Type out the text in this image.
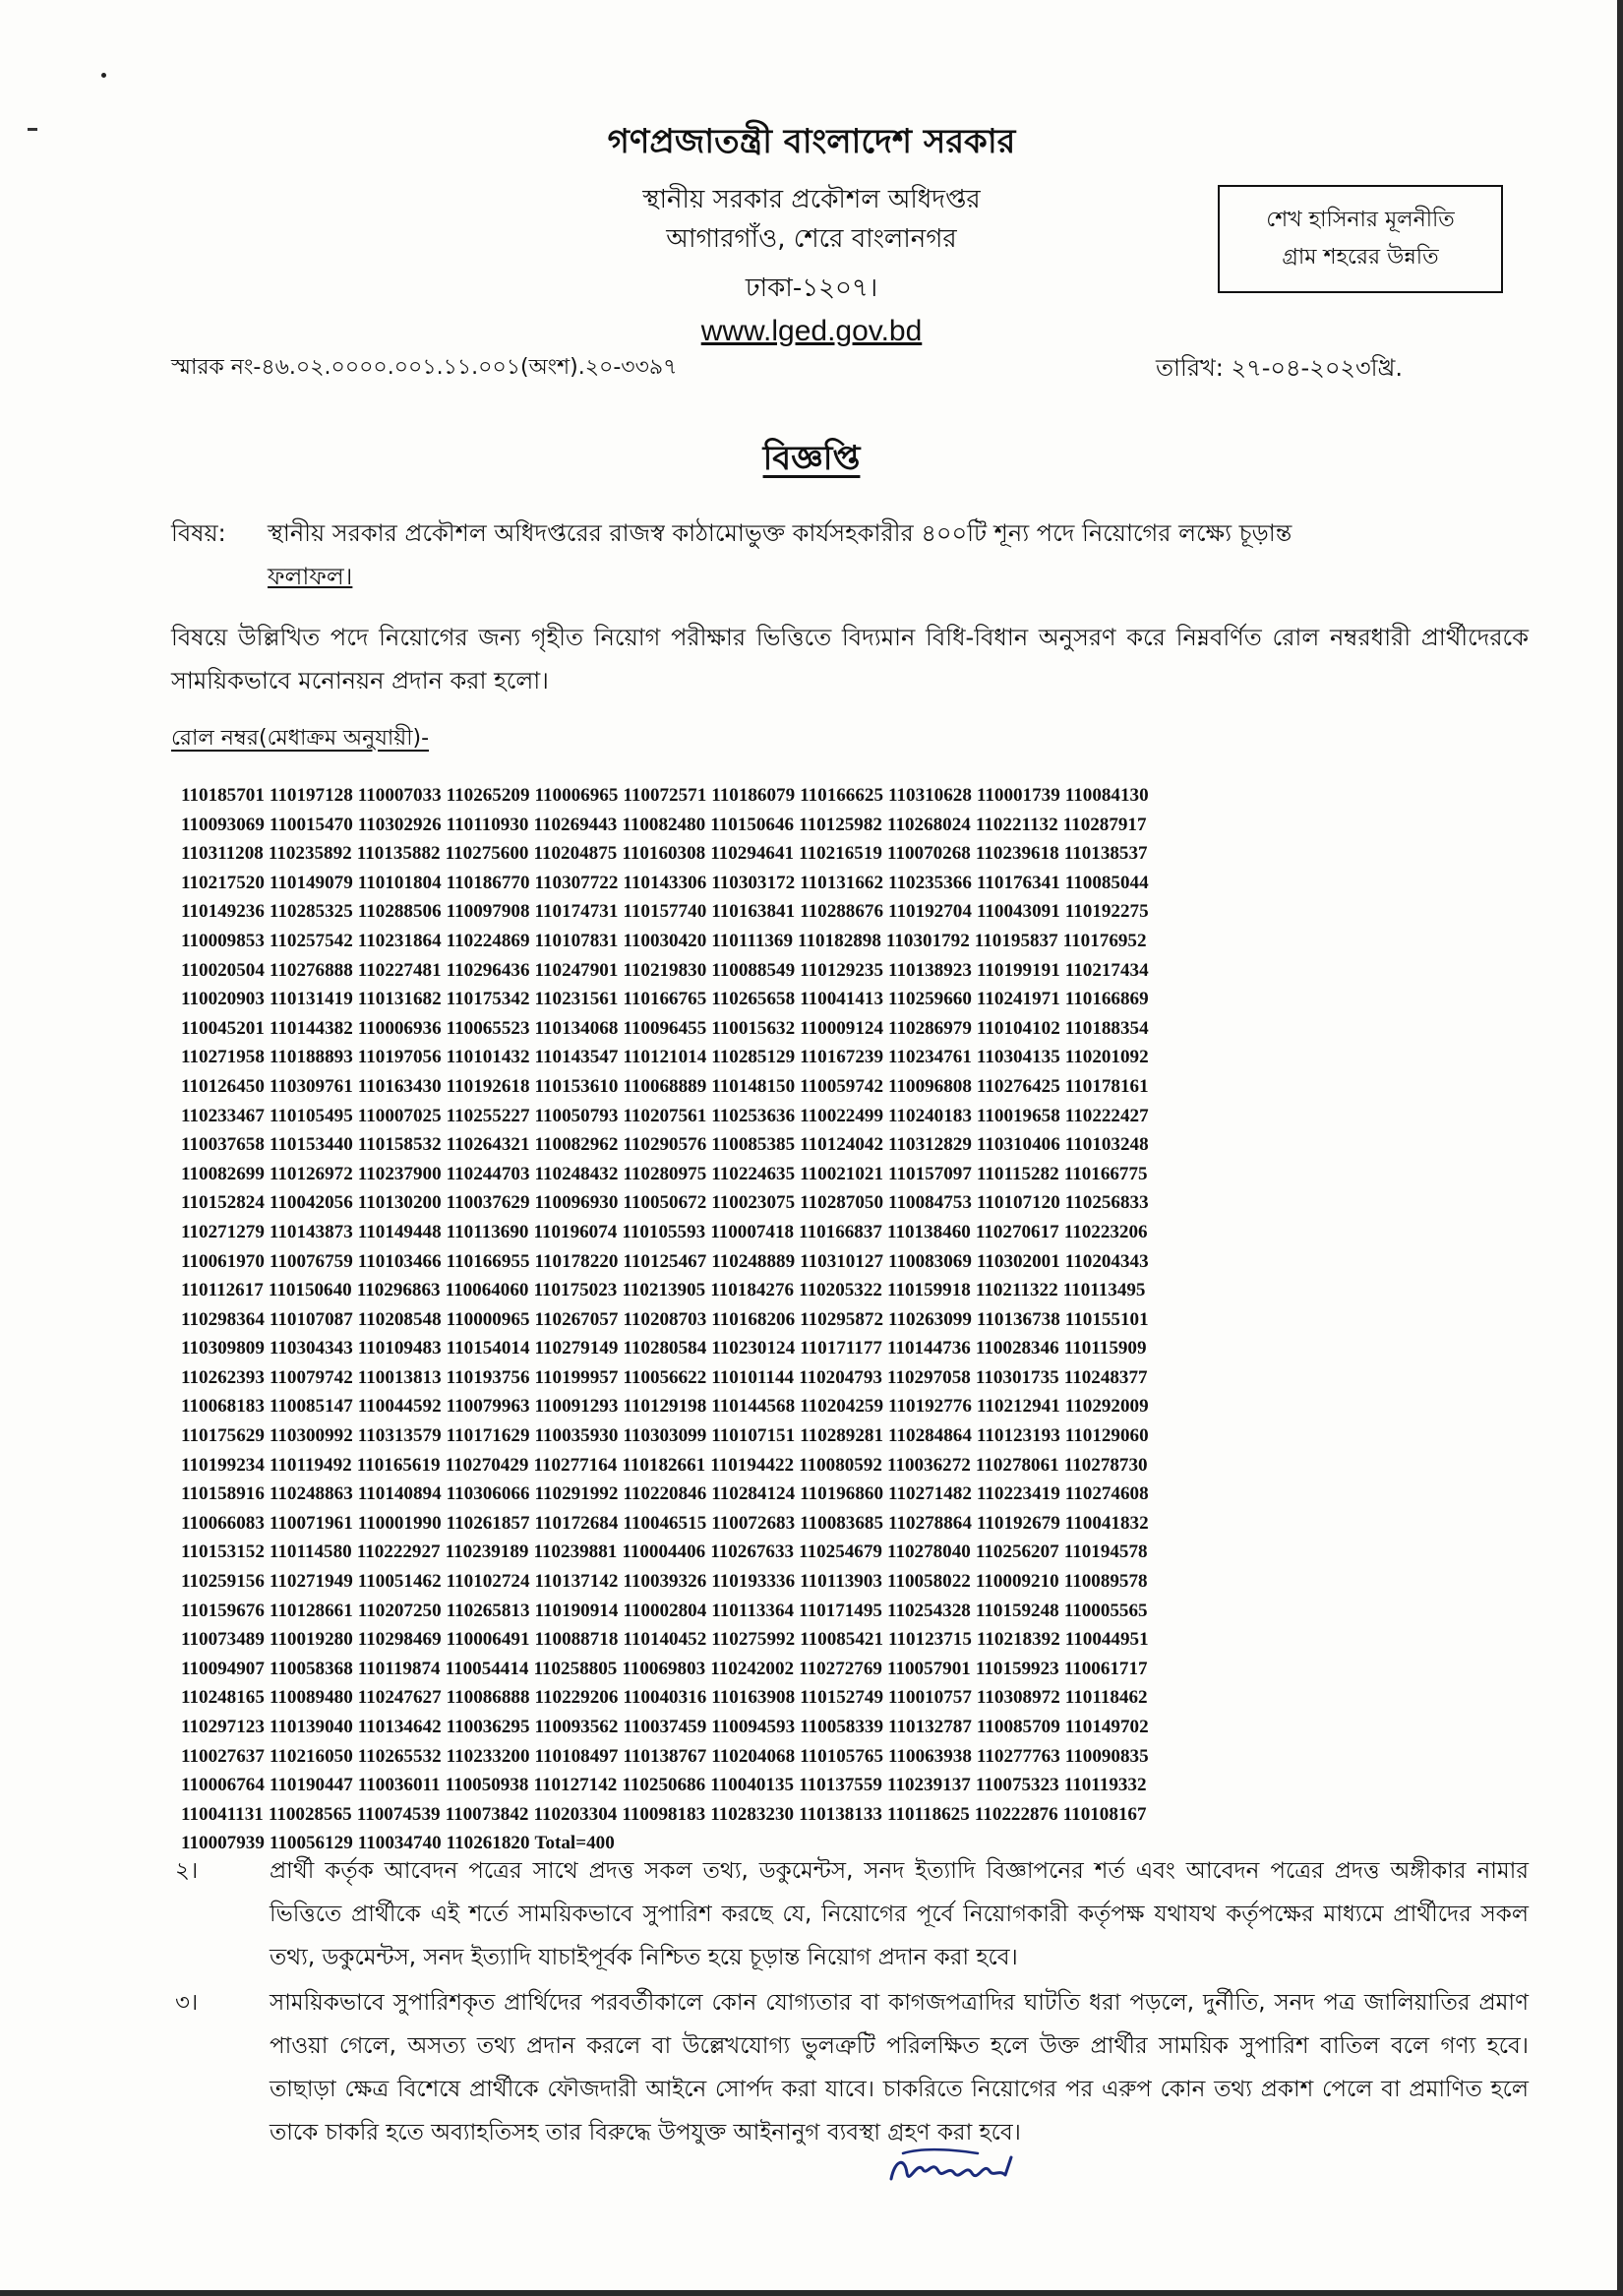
গণপ্রজাতন্ত্রী বাংলাদেশ সরকার
স্থানীয় সরকার প্রকৌশল অধিদপ্তর
আগারগাঁও, শেরে বাংলানগর
ঢাকা-১২০৭।
www.lged.gov.bd
শেখ হাসিনার মূলনীতি
গ্রাম শহরের উন্নতি
স্মারক নং-৪৬.০২.০০০০.০০১.১১.০০১(অংশ).২০-৩৩৯৭	তারিখ: ২৭-০৪-২০২৩খ্রি.
বিজ্ঞপ্তি
বিষয়: স্থানীয় সরকার প্রকৌশল অধিদপ্তরের রাজস্ব কাঠামোভুক্ত কার্যসহকারীর ৪০০টি শূন্য পদে নিয়োগের লক্ষ্যে চূড়ান্ত
ফলাফল।
বিষয়ে উল্লিখিত পদে নিয়োগের জন্য গৃহীত নিয়োগ পরীক্ষার ভিত্তিতে বিদ্যমান বিধি-বিধান অনুসরণ করে নিম্নবর্ণিত রোল নম্বরধারী প্রার্থীদেরকে সাময়িকভাবে মনোনয়ন প্রদান করা হলো।
রোল নম্বর(মেধাক্রম অনুযায়ী)-
110185701 110197128 110007033 110265209 110006965 110072571 110186079 110166625 110310628 110001739 110084130
110093069 110015470 110302926 110110930 110269443 110082480 110150646 110125982 110268024 110221132 110287917
110311208 110235892 110135882 110275600 110204875 110160308 110294641 110216519 110070268 110239618 110138537
110217520 110149079 110101804 110186770 110307722 110143306 110303172 110131662 110235366 110176341 110085044
110149236 110285325 110288506 110097908 110174731 110157740 110163841 110288676 110192704 110043091 110192275
110009853 110257542 110231864 110224869 110107831 110030420 110111369 110182898 110301792 110195837 110176952
110020504 110276888 110227481 110296436 110247901 110219830 110088549 110129235 110138923 110199191 110217434
110020903 110131419 110131682 110175342 110231561 110166765 110265658 110041413 110259660 110241971 110166869
110045201 110144382 110006936 110065523 110134068 110096455 110015632 110009124 110286979 110104102 110188354
110271958 110188893 110197056 110101432 110143547 110121014 110285129 110167239 110234761 110304135 110201092
110126450 110309761 110163430 110192618 110153610 110068889 110148150 110059742 110096808 110276425 110178161
110233467 110105495 110007025 110255227 110050793 110207561 110253636 110022499 110240183 110019658 110222427
110037658 110153440 110158532 110264321 110082962 110290576 110085385 110124042 110312829 110310406 110103248
110082699 110126972 110237900 110244703 110248432 110280975 110224635 110021021 110157097 110115282 110166775
110152824 110042056 110130200 110037629 110096930 110050672 110023075 110287050 110084753 110107120 110256833
110271279 110143873 110149448 110113690 110196074 110105593 110007418 110166837 110138460 110270617 110223206
110061970 110076759 110103466 110166955 110178220 110125467 110248889 110310127 110083069 110302001 110204343
110112617 110150640 110296863 110064060 110175023 110213905 110184276 110205322 110159918 110211322 110113495
110298364 110107087 110208548 110000965 110267057 110208703 110168206 110295872 110263099 110136738 110155101
110309809 110304343 110109483 110154014 110279149 110280584 110230124 110171177 110144736 110028346 110115909
110262393 110079742 110013813 110193756 110199957 110056622 110101144 110204793 110297058 110301735 110248377
110068183 110085147 110044592 110079963 110091293 110129198 110144568 110204259 110192776 110212941 110292009
110175629 110300992 110313579 110171629 110035930 110303099 110107151 110289281 110284864 110123193 110129060
110199234 110119492 110165619 110270429 110277164 110182661 110194422 110080592 110036272 110278061 110278730
110158916 110248863 110140894 110306066 110291992 110220846 110284124 110196860 110271482 110223419 110274608
110066083 110071961 110001990 110261857 110172684 110046515 110072683 110083685 110278864 110192679 110041832
110153152 110114580 110222927 110239189 110239881 110004406 110267633 110254679 110278040 110256207 110194578
110259156 110271949 110051462 110102724 110137142 110039326 110193336 110113903 110058022 110009210 110089578
110159676 110128661 110207250 110265813 110190914 110002804 110113364 110171495 110254328 110159248 110005565
110073489 110019280 110298469 110006491 110088718 110140452 110275992 110085421 110123715 110218392 110044951
110094907 110058368 110119874 110054414 110258805 110069803 110242002 110272769 110057901 110159923 110061717
110248165 110089480 110247627 110086888 110229206 110040316 110163908 110152749 110010757 110308972 110118462
110297123 110139040 110134642 110036295 110093562 110037459 110094593 110058339 110132787 110085709 110149702
110027637 110216050 110265532 110233200 110108497 110138767 110204068 110105765 110063938 110277763 110090835
110006764 110190447 110036011 110050938 110127142 110250686 110040135 110137559 110239137 110075323 110119332
110041131 110028565 110074539 110073842 110203304 110098183 110283230 110138133 110118625 110222876 110108167
110007939 110056129 110034740 110261820 Total=400
২।	প্রার্থী কর্তৃক আবেদন পত্রের সাথে প্রদত্ত সকল তথ্য, ডকুমেন্টস, সনদ ইত্যাদি বিজ্ঞাপনের শর্ত এবং আবেদন পত্রের প্রদত্ত অঙ্গীকার নামার ভিত্তিতে প্রার্থীকে এই শর্তে সাময়িকভাবে সুপারিশ করছে যে, নিয়োগের পূর্বে নিয়োগকারী কর্তৃপক্ষ যথাযথ কর্তৃপক্ষের মাধ্যমে প্রার্থীদের সকল তথ্য, ডকুমেন্টস, সনদ ইত্যাদি যাচাইপূর্বক নিশ্চিত হয়ে চূড়ান্ত নিয়োগ প্রদান করা হবে।
৩।	সাময়িকভাবে সুপারিশকৃত প্রার্থিদের পরবর্তীকালে কোন যোগ্যতার বা কাগজপত্রাদির ঘাটতি ধরা পড়লে, দুর্নীতি, সনদ পত্র জালিয়াতির প্রমাণ পাওয়া গেলে, অসত্য তথ্য প্রদান করলে বা উল্লেখযোগ্য ভুলত্রুটি পরিলক্ষিত হলে উক্ত প্রার্থীর সাময়িক সুপারিশ বাতিল বলে গণ্য হবে। তাছাড়া ক্ষেত্র বিশেষে প্রার্থীকে ফৌজদারী আইনে সোর্পদ করা যাবে। চাকরিতে নিয়োগের পর এরুপ কোন তথ্য প্রকাশ পেলে বা প্রমাণিত হলে তাকে চাকরি হতে অব্যাহতিসহ তার বিরুদ্ধে উপযুক্ত আইনানুগ ব্যবস্থা গ্রহণ করা হবে।
